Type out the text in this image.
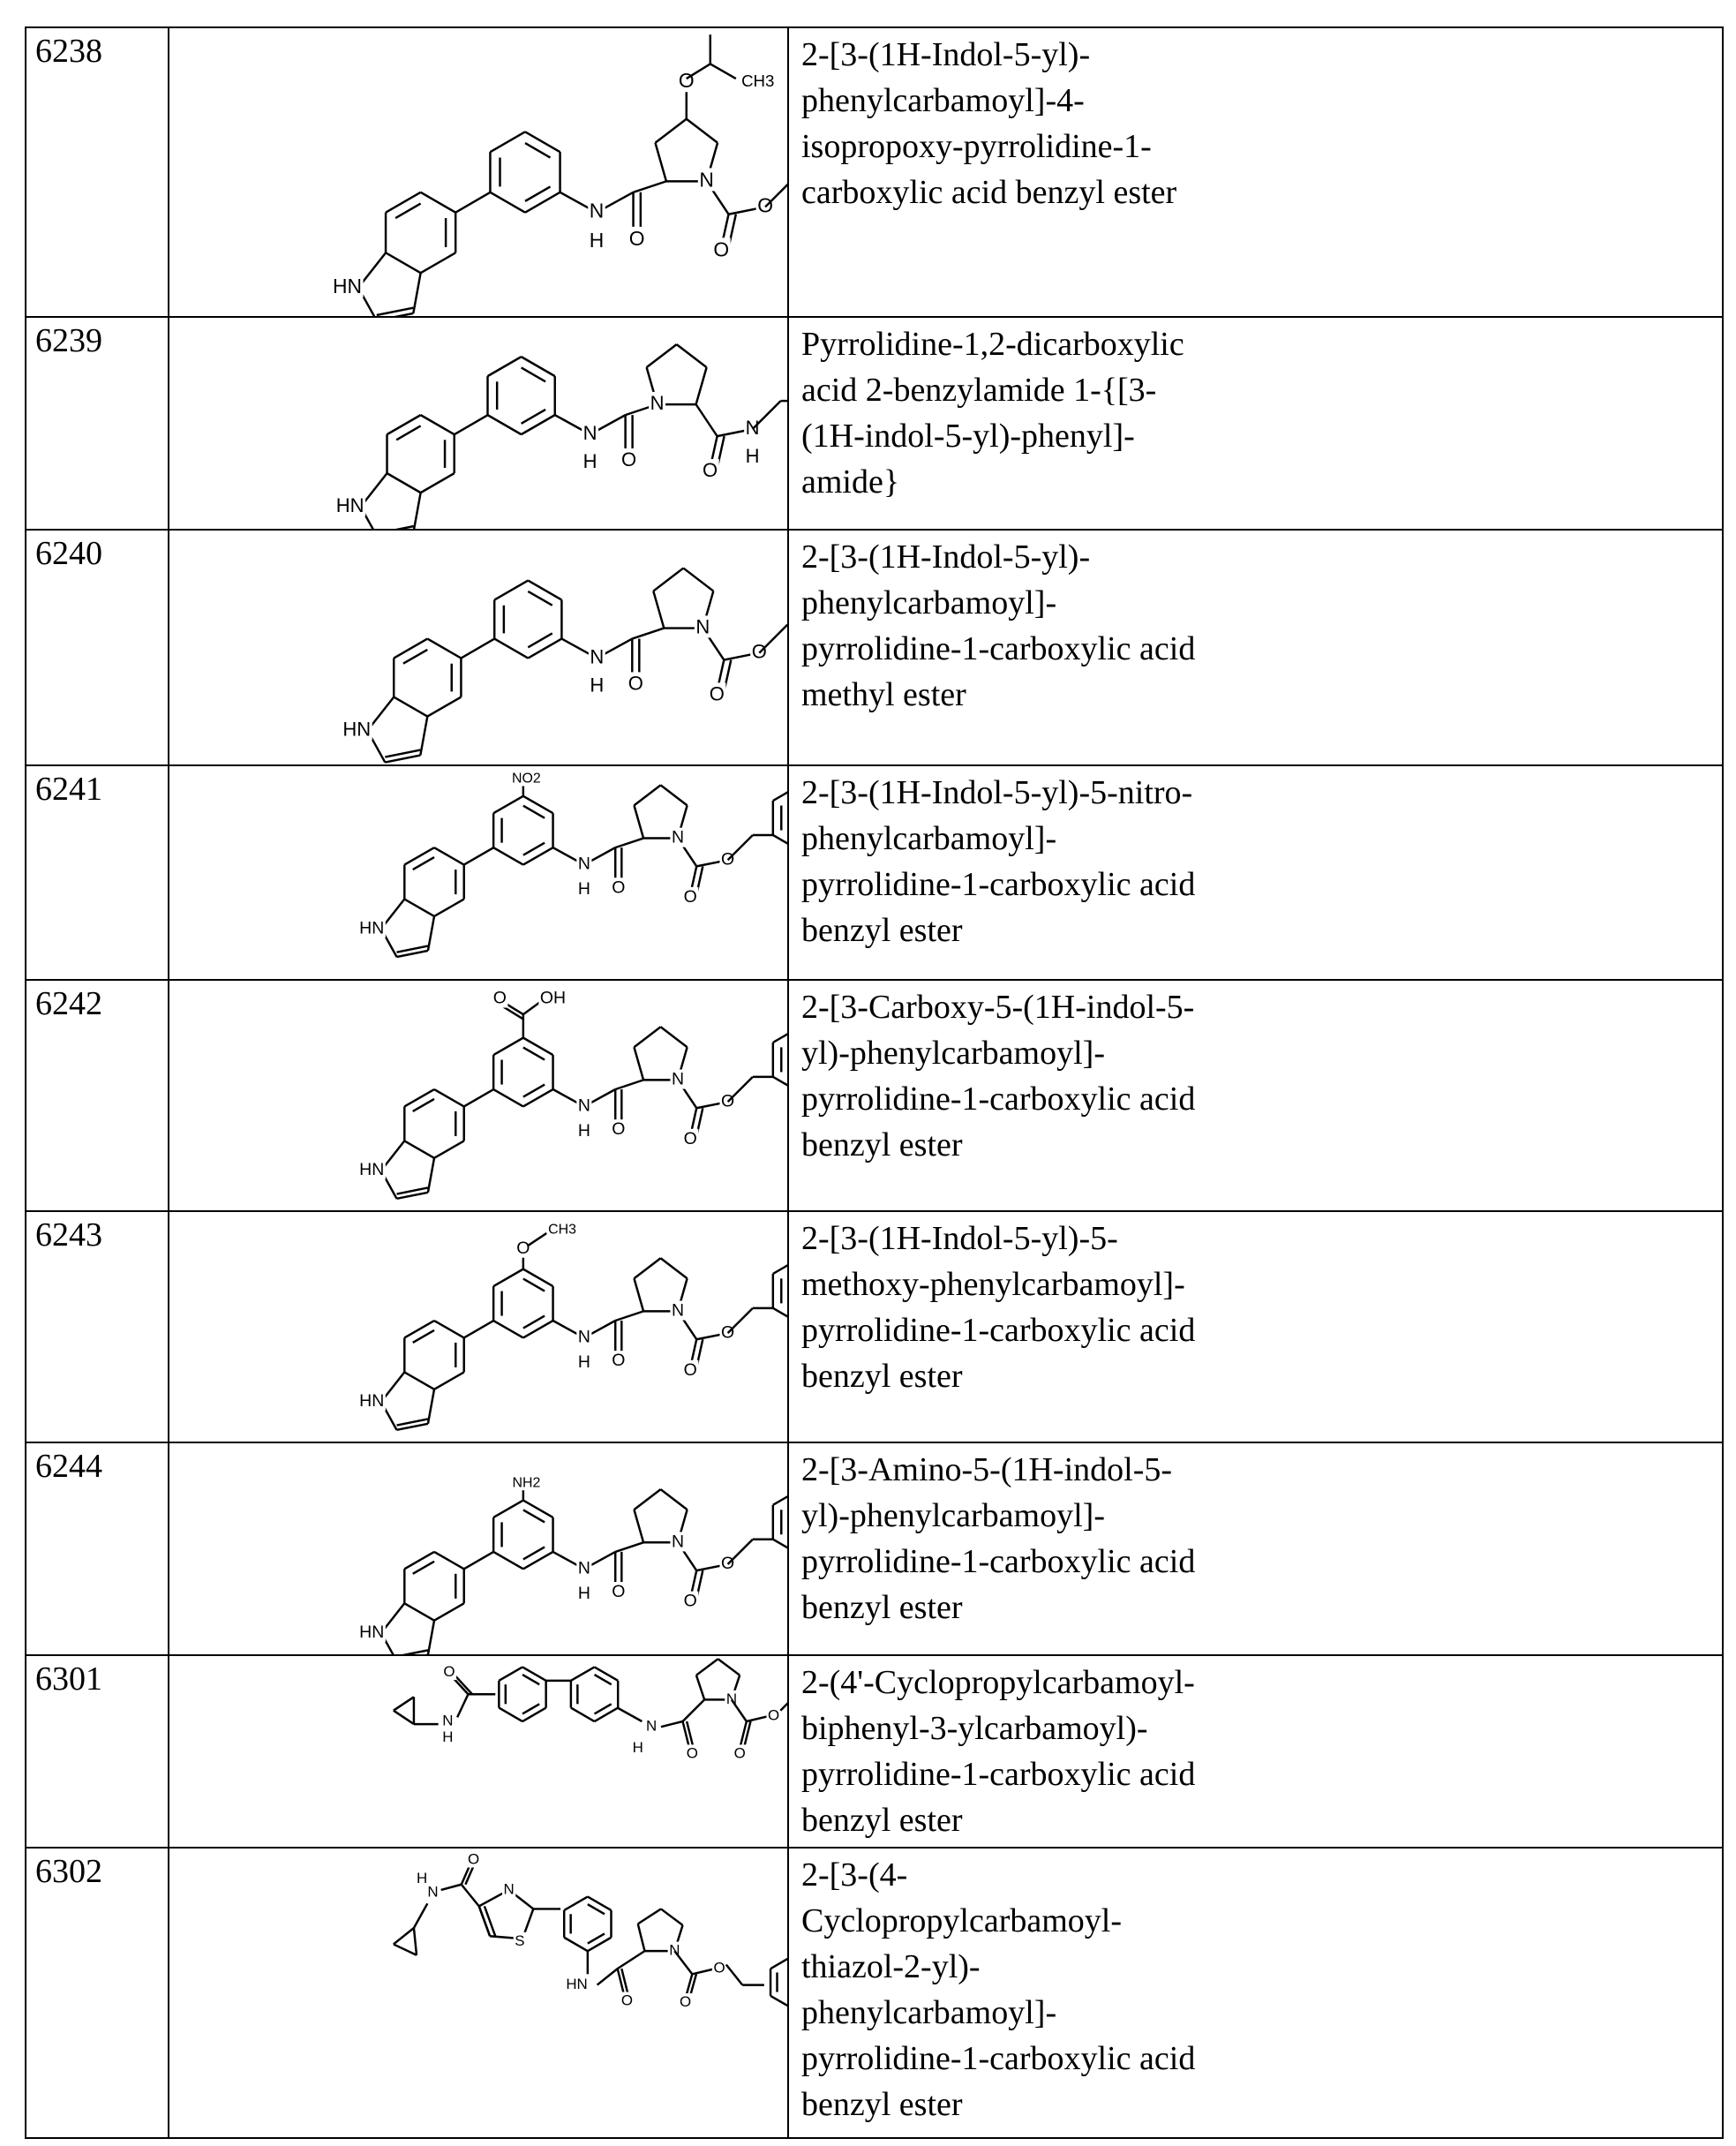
6238	
HN
N
H O	O
N
O
O	CH3

2-[3-(1H-Indol-5-yl)-
phenylcarbamoyl]-4-
isopropoxy-pyrrolidine-1-
carboxylic acid benzyl ester

6239	
HN
N
H O	O
N
H

Pyrrolidine-1,2-dicarboxylic
acid 2-benzylamide 1-{[3-
(1H-indol-5-yl)-phenyl]-
amide}

6240	
HN
N
H O	O
N

2-[3-(1H-Indol-5-yl)-
phenylcarbamoyl]-
pyrrolidine-1-carboxylic acid
methyl ester

6241	
HN
N
H O	O
N
NO2	2-[3-(1H-Indol-5-yl)-5-nitro-
phenylcarbamoyl]-
pyrrolidine-1-carboxylic acid
benzyl ester

6242	
HN
N
H O	O
N
O	OH	2-[3-Carboxy-5-(1H-indol-5-
yl)-phenylcarbamoyl]-
pyrrolidine-1-carboxylic acid
benzyl ester

6243	
HN
N
H O	O
N
O
CH3	2-[3-(1H-Indol-5-yl)-5-
methoxy-phenylcarbamoyl]-
pyrrolidine-1-carboxylic acid
benzyl ester

6244	
HN
N
H O	O
N
NH2	2-[3-Amino-5-(1H-indol-5-
yl)-phenylcarbamoyl]-
pyrrolidine-1-carboxylic acid
benzyl ester

6301	
N
H
O
N
H	O
N
O
O

2-(4'-Cyclopropylcarbamoyl-
biphenyl-3-ylcarbamoyl)-
pyrrolidine-1-carboxylic acid
benzyl ester

6302	H
N
O
N
S
HN
O
N
O
O

2-[3-(4-
Cyclopropylcarbamoyl-
thiazol-2-yl)-
phenylcarbamoyl]-
pyrrolidine-1-carboxylic acid
benzyl ester
